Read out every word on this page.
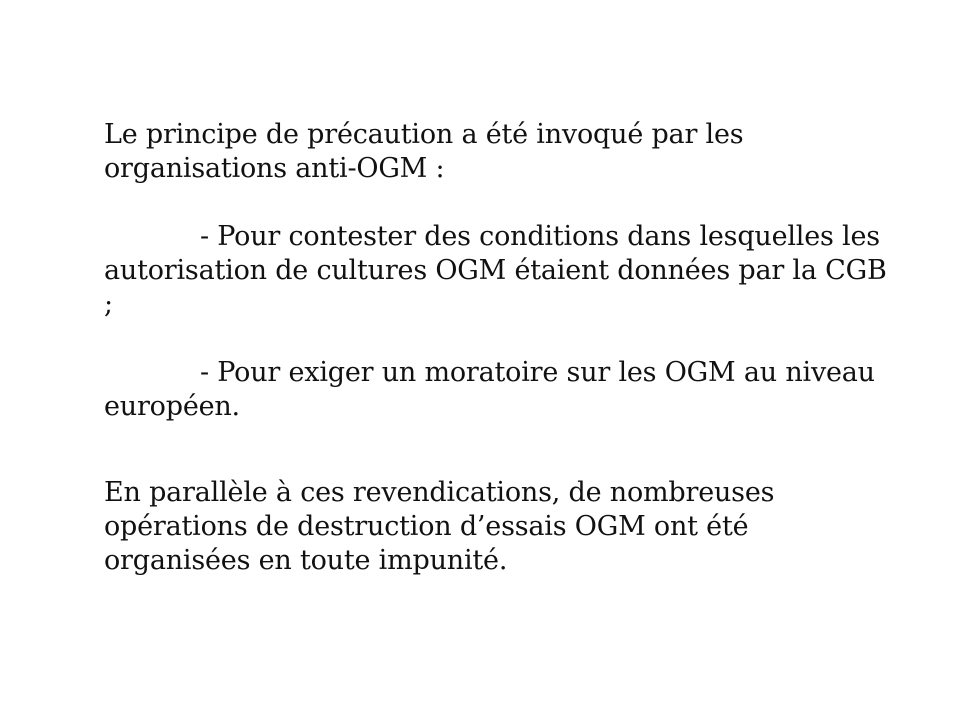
Le principe de précaution a été invoqué par les organisations anti-OGM :

- Pour contester des conditions dans lesquelles les autorisation de cultures OGM étaient données par la CGB ;

- Pour exiger un moratoire sur les OGM au niveau européen.

En parallèle à ces revendications, de nombreuses opérations de destruction d’essais OGM ont été organisées en toute impunité.
